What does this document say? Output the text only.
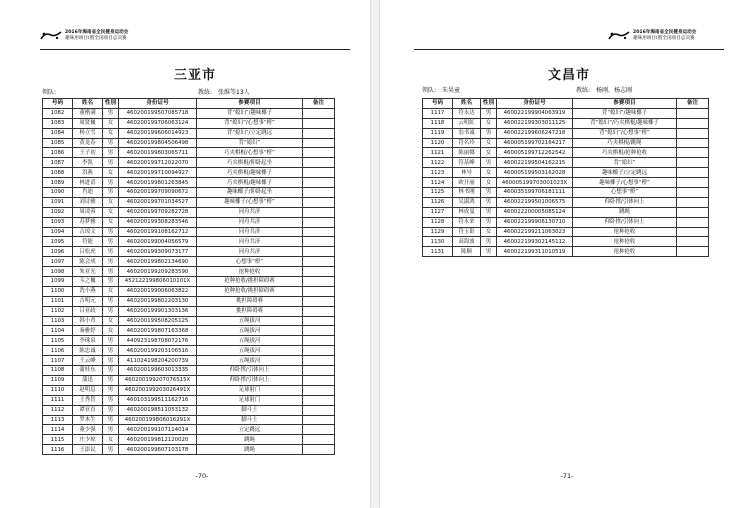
2016年海南省全民健身运动会
趣味用项目(暨全国项目总决赛
三亚市
领队:	教练: 张维等13人
号码	姓名	性别	身份证号	参赛项目	备注
1082	董楷满	男	460200199507085718	背“媳妇”/趣味椰子	
1083	周贤巍	女	460200199706063124	背“媳妇”/心想事“橙”	
1084	杨立雪	女	460200199606014923	背“媳妇”/立定跳远	
1085	黄龙春	男	460200199804506498	背“媳妇”	
1086	王子初	男	460200199803065711	巧夹棋棍/心想事“橙”	
1087	李凯	男	460200199712022070	巧夹棋棍/仰卧起坐	
1088	洪燕	女	460200199710094927	巧夹棋棍/趣味椰子	
1089	林进滔	男	460200199801263845	巧夹棋棍/趣味椰子	
1090	肖迪	男	460200199709090672	趣味椰子/仰卧起坐	
1091	刘诗雅	女	460200199701034527	趣味椰子/心想事“橙”	
1092	周凌蓉	女	460200199709282728	同舟共济	
1093	苏梦雅	女	460200199308283546	同舟共济	
1094	古琼文	男	460200199108162712	同舟共济	
1095	符能	男	460200199004056579	同舟共济	
1096	吕松虎	男	460200199309073177	同舟共济	
1097	陈会成	男	460200199802134690	心想事“橙”	
1098	朱亚光	男	460200199209283590	抢种抢收	
1099	韦之巍	男	452122199806010101X	抢种抢收/挑担障碍赛	
1100	冼小燕	女	460200199006063822	抢种抢收/挑担障碍赛	
1101	吉明元	男	460200199802203130	挑担障碍赛	
1102	吕亚政	男	460200199901303136	挑担障碍赛	
1103	韩小青	女	460200199508205125	五绳拔河	
1104	秦雅婷	女	460200199807163368	五绳拔河	
1105	李珠泉	男	440923198708072176	五绳拔河	
1106	陈忠诚	男	460200199203106516	五绳拔河	
1107	王云峰	男	411024198204200739	五绳拔河	
1108	蒲桂东	男	460200199603013335	仰卧撑/引体向上	
1109	蒲迅	男	460200199207076515X	仰卧撑/引体向上	
1110	赵明息	男	460200199203026491X	足球射门	
1111	王秀智	男	460103199511162716	足球射门	
1112	谭亚育	男	460200198511053132	脚斗士	
1113	罗木生	男	460200199806016291X	脚斗士	
1114	董少强	男	460200199107114014	立定跳远	
1115	庄少琼	女	460200199812120020	跳绳	
1116	王添民	男	460200199607103178	跳绳	
-70-
2016年海南省全民健身运动会
趣味用项目(暨全国项目总决赛
文昌市
领队: 朱昊童	教练: 杨刚、杨志刚
号码	姓名	性别	身份证号	参赛项目	备注
1117	符永达	男	460022199904063919	背“媳妇”/趣味椰子	
1118	云明虹	女	460022199303011125	背“媳妇”/巧夹棋棍/趣味椰子	
1119	翁书诚	男	460022199606247218	背“媳妇”/心想事“橙”	
1120	符名玲	女	460005199702164217	巧夹棋棍/跳绳	
1121	陈丽娜	女	460005199712262542	巧夹棋棍/抢种抢收	
1122	符基峰	男	460022199504162215	背“媳妇”	
1123	林导	女	460005199503162028	趣味椰子/立定跳远	
1124	欧开丽	女	460005199703001023X	趣味椰子/心想事“橙”	
1125	林书刚	男	460035199706181111	心想事“橙”	
1126	吴淑鸿	男	460022199501006575	仰卧撑/引体向上	
1127	林成曼	男	460022200005085124	跳绳	
1128	符永来	男	460022199906130710	仰卧撑/引体向上	
1129	符玉影	女	460022199211063023	抢种抢收	
1130	高海波	男	460022199302145112	抢种抢收	
1131	陈顺	男	460022199311010519	抢种抢收	
-71-
